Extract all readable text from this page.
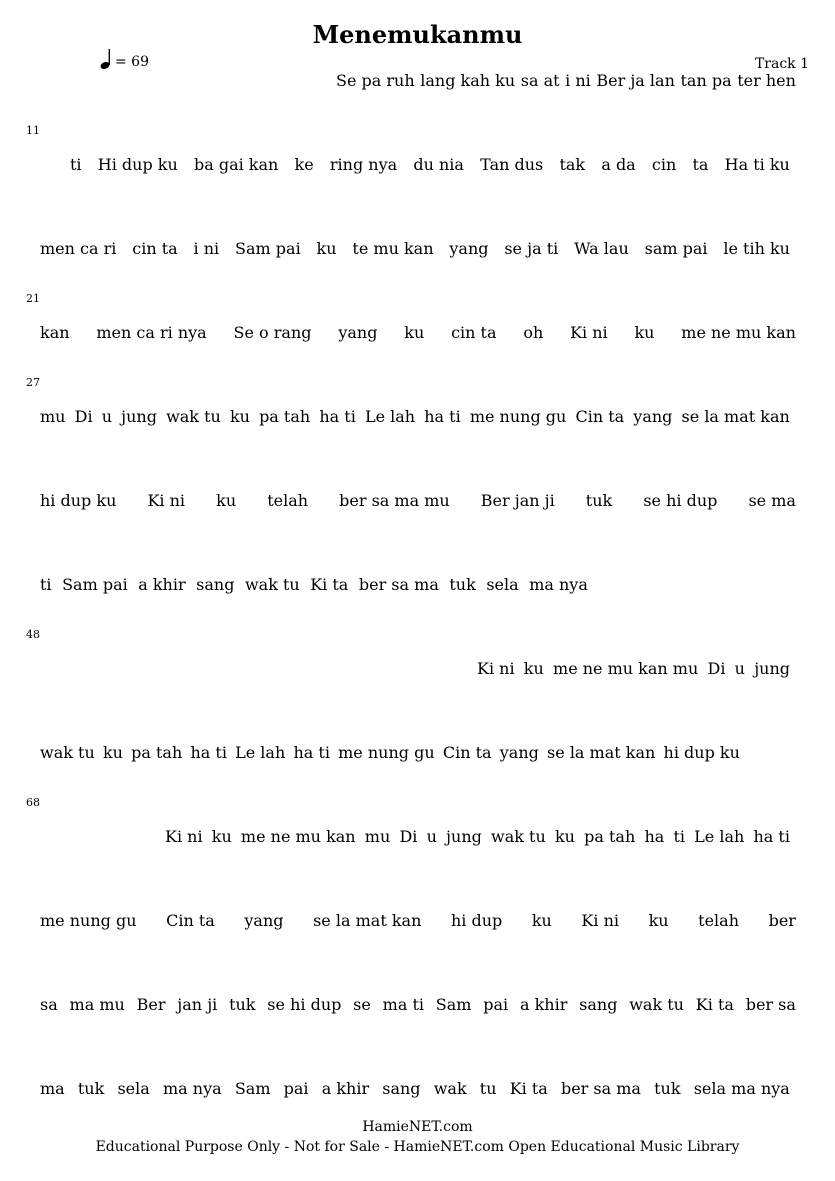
Menemukanmu
= 69	Track 1
Se pa ruh lang kah ku sa at i ni Ber ja lan tan pa ter hen
11
ti Hi dup ku ba gai kan ke ring nya du nia Tan dus tak a da cin ta Ha ti ku
men ca ri cin ta i ni Sam pai ku te mu kan yang se ja ti Wa lau sam pai le tih ku
21
kan men ca ri nya Se o rang yang ku cin ta oh Ki ni ku me ne mu kan
27
mu Di u jung wak tu ku pa tah ha ti Le lah ha ti me nung gu Cin ta yang se la mat kan
hi dup ku Ki ni ku telah ber sa ma mu Ber jan ji tuk se hi dup se ma
ti Sam pai a khir sang wak tu Ki ta ber sa ma tuk sela ma nya
48
Ki ni ku me ne mu kan mu Di u jung
wak tu ku pa tah ha ti Le lah ha ti me nung gu Cin ta yang se la mat kan hi dup ku
68
Ki ni ku me ne mu kan mu Di u jung wak tu ku pa tah ha ti Le lah ha ti
me nung gu Cin ta yang se la mat kan hi dup ku Ki ni ku telah ber
sa ma mu Ber jan ji tuk se hi dup se ma ti Sam pai a khir sang wak tu Ki ta ber sa
ma tuk sela ma nya Sam pai a khir sang wak tu Ki ta ber sa ma tuk sela ma nya
HamieNET.com
Educational Purpose Only - Not for Sale - HamieNET.com Open Educational Music Library
